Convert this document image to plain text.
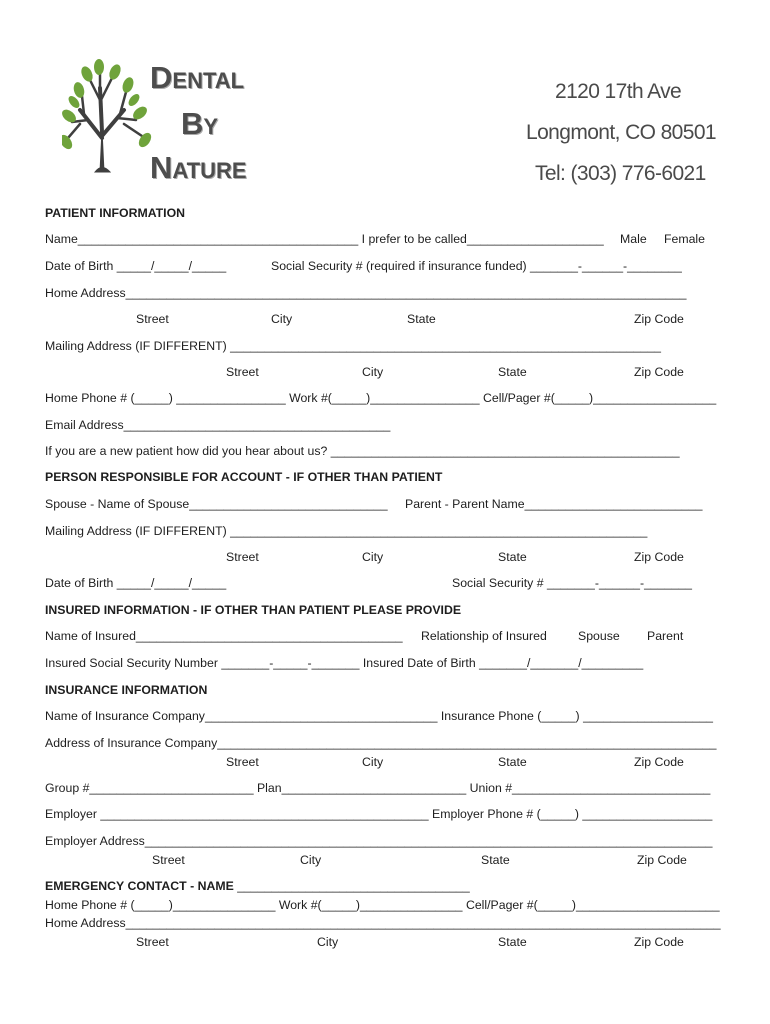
DENTAL
BY
NATURE
2120 17th Ave
Longmont, CO 80501
Tel: (303) 776-6021
PATIENT INFORMATION
Name_________________________________________ I prefer to be called____________________ Male Female
Date of Birth _____/_____/_____	Social Security # (required if insurance funded) _______-______-________
Home Address__________________________________________________________________________________
Street	City	State	Zip Code
Mailing Address (IF DIFFERENT) _______________________________________________________________
Street	City	State	Zip Code
Home Phone # (_____) ________________ Work #(_____)________________ Cell/Pager #(_____)__________________
Email Address_______________________________________
If you are a new patient how did you hear about us? ___________________________________________________
PERSON RESPONSIBLE FOR ACCOUNT - IF OTHER THAN PATIENT
Spouse - Name of Spouse_____________________________ Parent - Parent Name__________________________
Mailing Address (IF DIFFERENT) _____________________________________________________________
Street	City	State	Zip Code
Date of Birth _____/_____/_____	Social Security # _______-______-_______
INSURED INFORMATION - IF OTHER THAN PATIENT PLEASE PROVIDE
Name of Insured_______________________________________ Relationship of Insured	Spouse Parent
Insured Social Security Number _______-_____-_______ Insured Date of Birth _______/_______/_________
INSURANCE INFORMATION
Name of Insurance Company__________________________________ Insurance Phone (_____) ___________________
Address of Insurance Company_________________________________________________________________________
Street	City	State	Zip Code
Group #________________________ Plan___________________________ Union #_____________________________
Employer ________________________________________________ Employer Phone # (_____) ___________________
Employer Address___________________________________________________________________________________
Street	City	State	Zip Code
EMERGENCY CONTACT - NAME __________________________________
Home Phone # (_____)_______________ Work #(_____)_______________ Cell/Pager #(_____)_____________________
Home Address_______________________________________________________________________________________
Street	City	State	Zip Code
